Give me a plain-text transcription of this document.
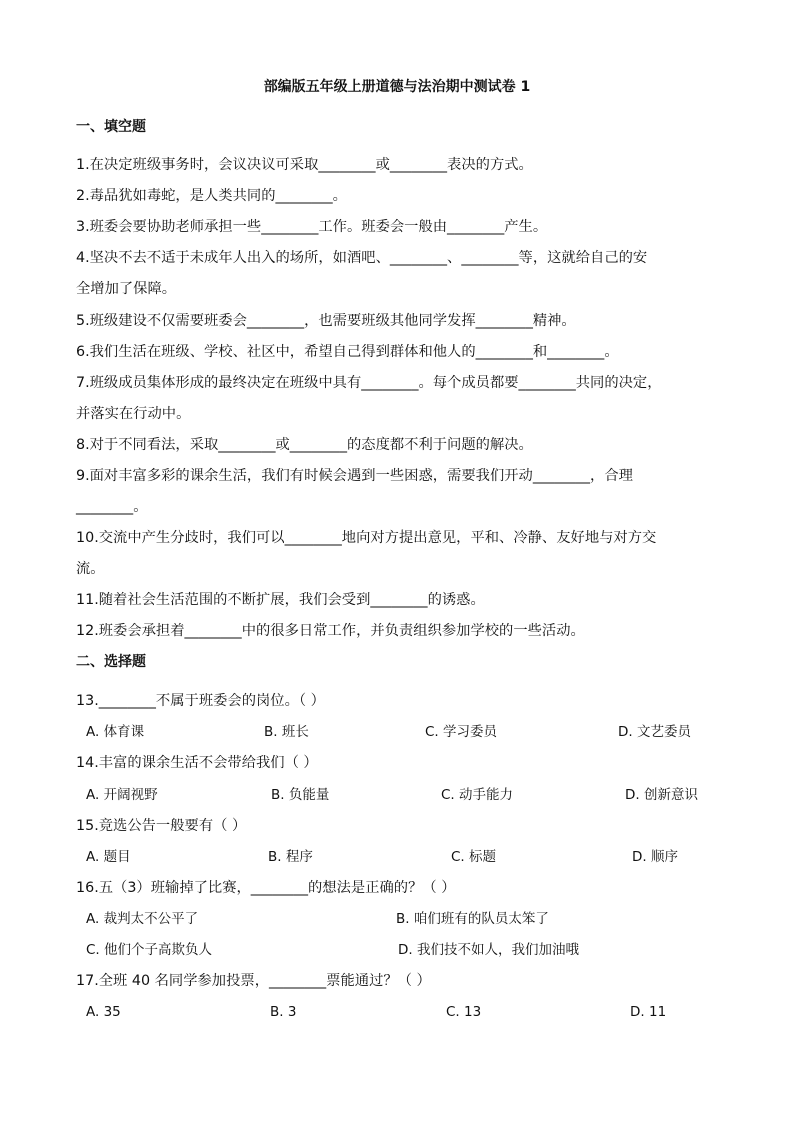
部编版五年级上册道德与法治期中测试卷 1
一、填空题
1.在决定班级事务时，会议决议可采取________或________表决的方式。
2.毒品犹如毒蛇，是人类共同的________。
3.班委会要协助老师承担一些________工作。班委会一般由________产生。
4.坚决不去不适于未成年人出入的场所，如酒吧、________、________等，这就给自己的安
全增加了保障。
5.班级建设不仅需要班委会________，也需要班级其他同学发挥________精神。
6.我们生活在班级、学校、社区中，希望自己得到群体和他人的________和________。
7.班级成员集体形成的最终决定在班级中具有________。每个成员都要________共同的决定，
并落实在行动中。
8.对于不同看法，采取________或________的态度都不利于问题的解决。
9.面对丰富多彩的课余生活，我们有时候会遇到一些困惑，需要我们开动________，合理
________。
10.交流中产生分歧时，我们可以________地向对方提出意见，平和、冷静、友好地与对方交
流。
11.随着社会生活范围的不断扩展，我们会受到________的诱惑。
12.班委会承担着________中的很多日常工作，并负责组织参加学校的一些活动。
二、选择题
13.________不属于班委会的岗位。（ ）
A. 体育课	B. 班长	C. 学习委员	D. 文艺委员
14.丰富的课余生活不会带给我们（ ）
A. 开阔视野	B. 负能量	C. 动手能力	D. 创新意识
15.竞选公告一般要有（ ）
A. 题目	B. 程序	C. 标题	D. 顺序
16.五（3）班输掉了比赛，________的想法是正确的？（ ）
A. 裁判太不公平了	B. 咱们班有的队员太笨了
C. 他们个子高欺负人	D. 我们技不如人，我们加油哦
17.全班 40 名同学参加投票，________票能通过？（ ）
A. 35	B. 3	C. 13	D. 11
